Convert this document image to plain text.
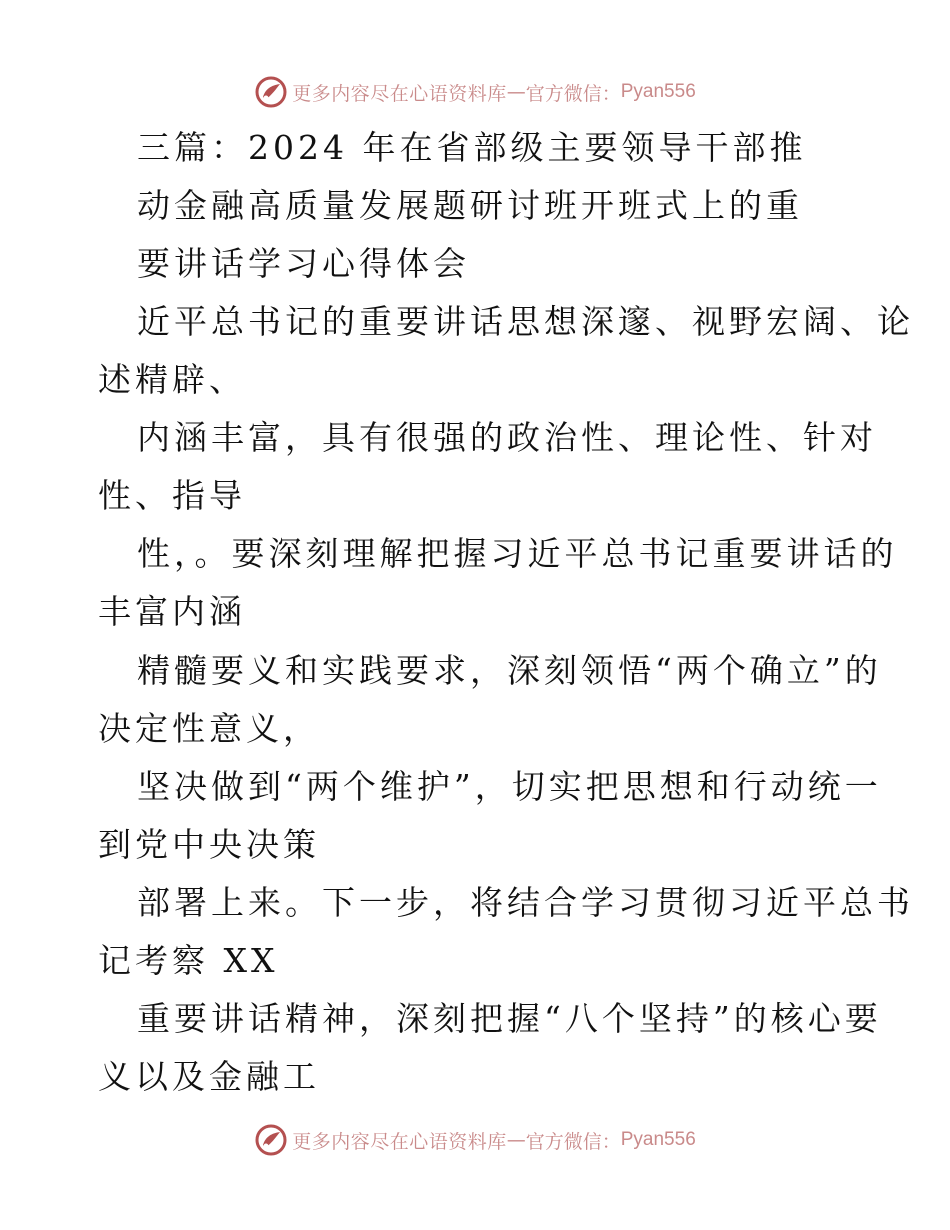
更多内容尽在心语资料库 — 官方微信： Pyan556
三篇：2024 年在省部级主要领导干部推
动金融高质量发展题研讨班开班式上的重
要讲话学习心得体会
近平总书记的重要讲话思想深邃、视野宏阔、论
述精辟、
内涵丰富，具有很强的政治性、理论性、针对
性、指导
性，。要深刻理解把握习近平总书记重要讲话的
丰富内涵
精髓要义和实践要求，深刻领悟“两个确立”的
决定性意义，
坚决做到“两个维护”，切实把思想和行动统一
到党中央决策
部署上来。下一步，将结合学习贯彻习近平总书
记考察 XX
重要讲话精神，深刻把握“八个坚持”的核心要
义以及金融工
更多内容尽在心语资料库 — 官方微信： Pyan556
